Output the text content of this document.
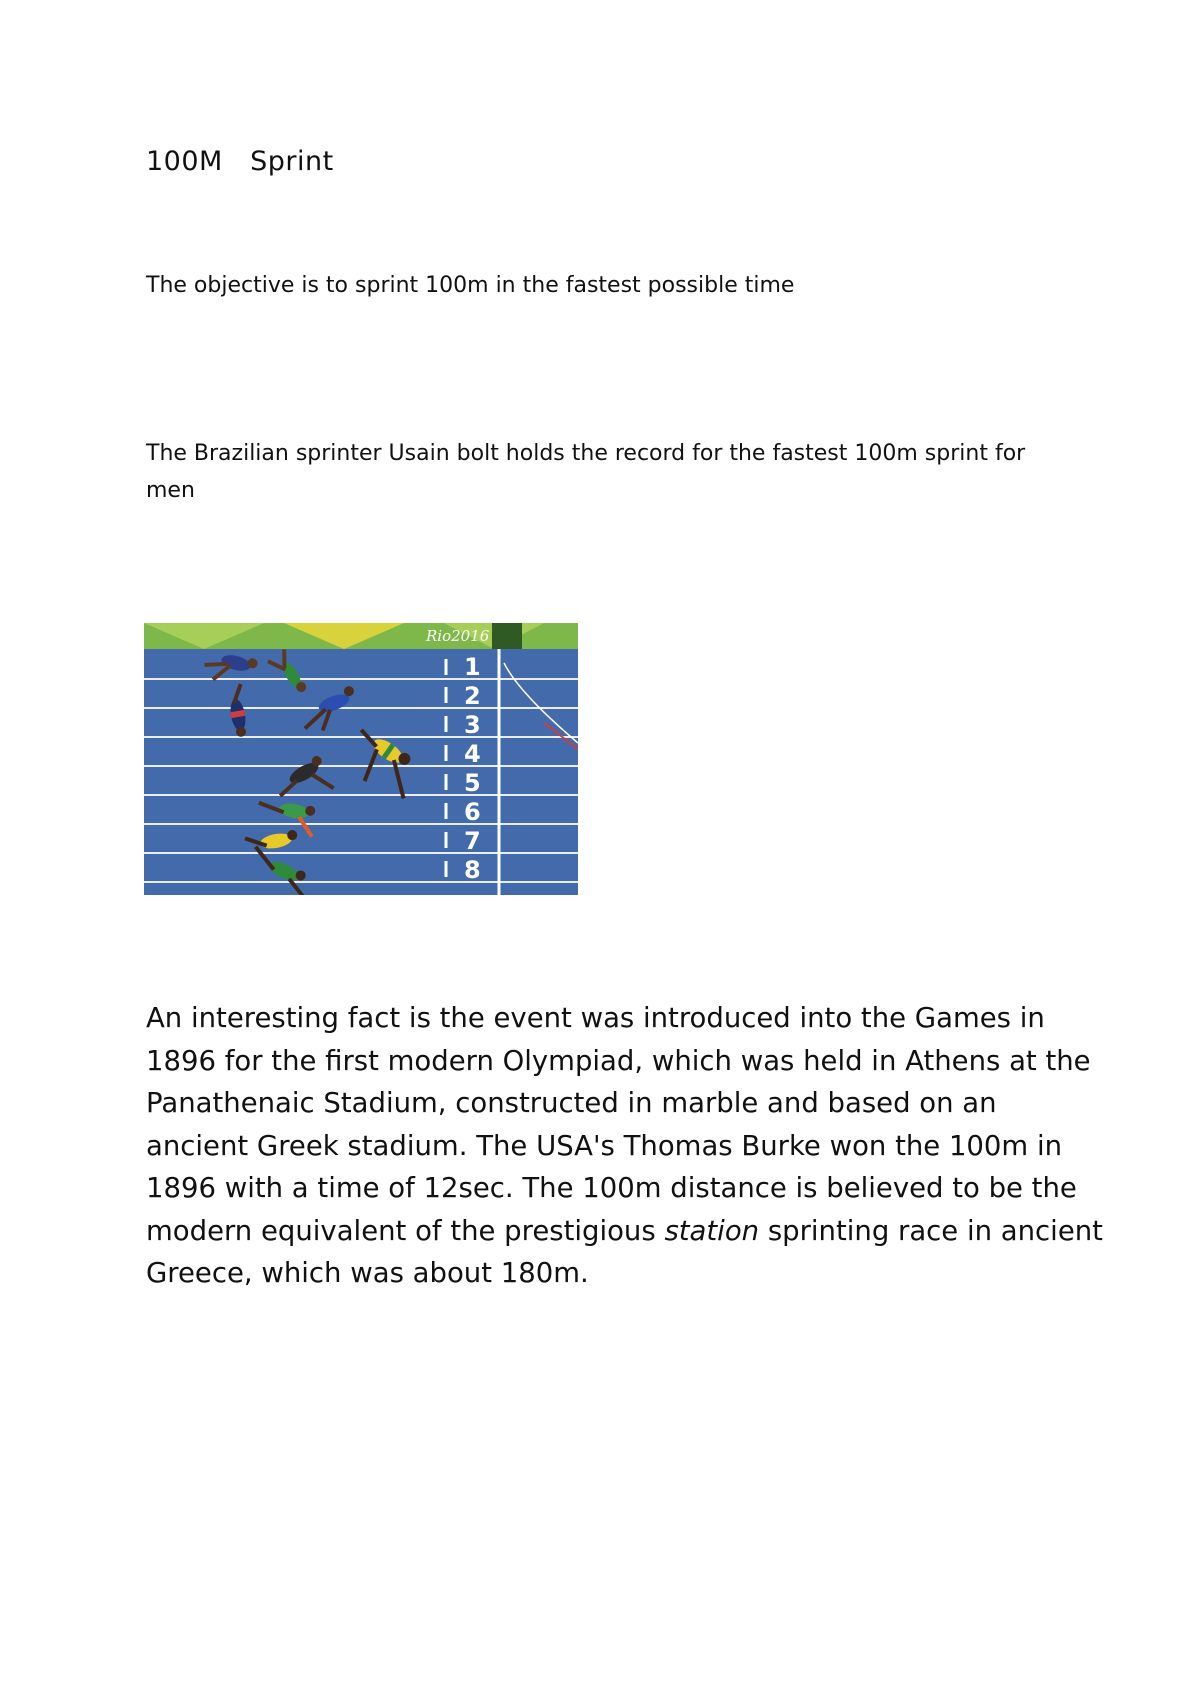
100M   Sprint
The objective is to sprint 100m in the fastest possible time
The Brazilian sprinter Usain bolt holds the record for the fastest 100m sprint for men
Rio2016
1
2
3
4
5
6
7
8

An interesting fact is the event was introduced into the Games in 1896 for the first modern Olympiad, which was held in Athens at the Panathenaic Stadium, constructed in marble and based on an ancient Greek stadium. The USA's Thomas Burke won the 100m in 1896 with a time of 12sec. The 100m distance is believed to be the modern equivalent of the prestigious station sprinting race in ancient Greece, which was about 180m.
